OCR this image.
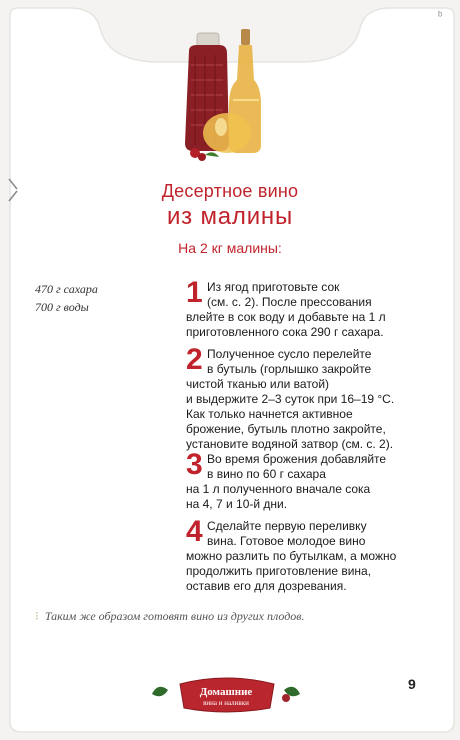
ᵇ
Десертное вино
из малины
На 2 кг малины:
470 г сахара
700 г воды	1 Из ягод приготовьте сок
(см. с. 2). После прессования
влейте в сок воду и добавьте на 1 л
приготовленного сока 290 г сахара.
2 Полученное сусло перелейте
в бутыль (горлышко закройте
чистой тканью или ватой)
и выдержите 2–3 суток при 16–19 °С.
Как только начнется активное
брожение, бутыль плотно закройте,
установите водяной затвор (см. с. 2).
3 Во время брожения добавляйте
в вино по 60 г сахара
на 1 л полученного вначале сока
на 4, 7 и 10-й дни.
4 Сделайте первую переливку
вина. Готовое молодое вино
можно разлить по бутылкам, а можно
продолжить приготовление вина,
оставив его для дозревания.
⁝ Таким же образом готовят вино из других плодов.
Домашние
вина и наливки
9
